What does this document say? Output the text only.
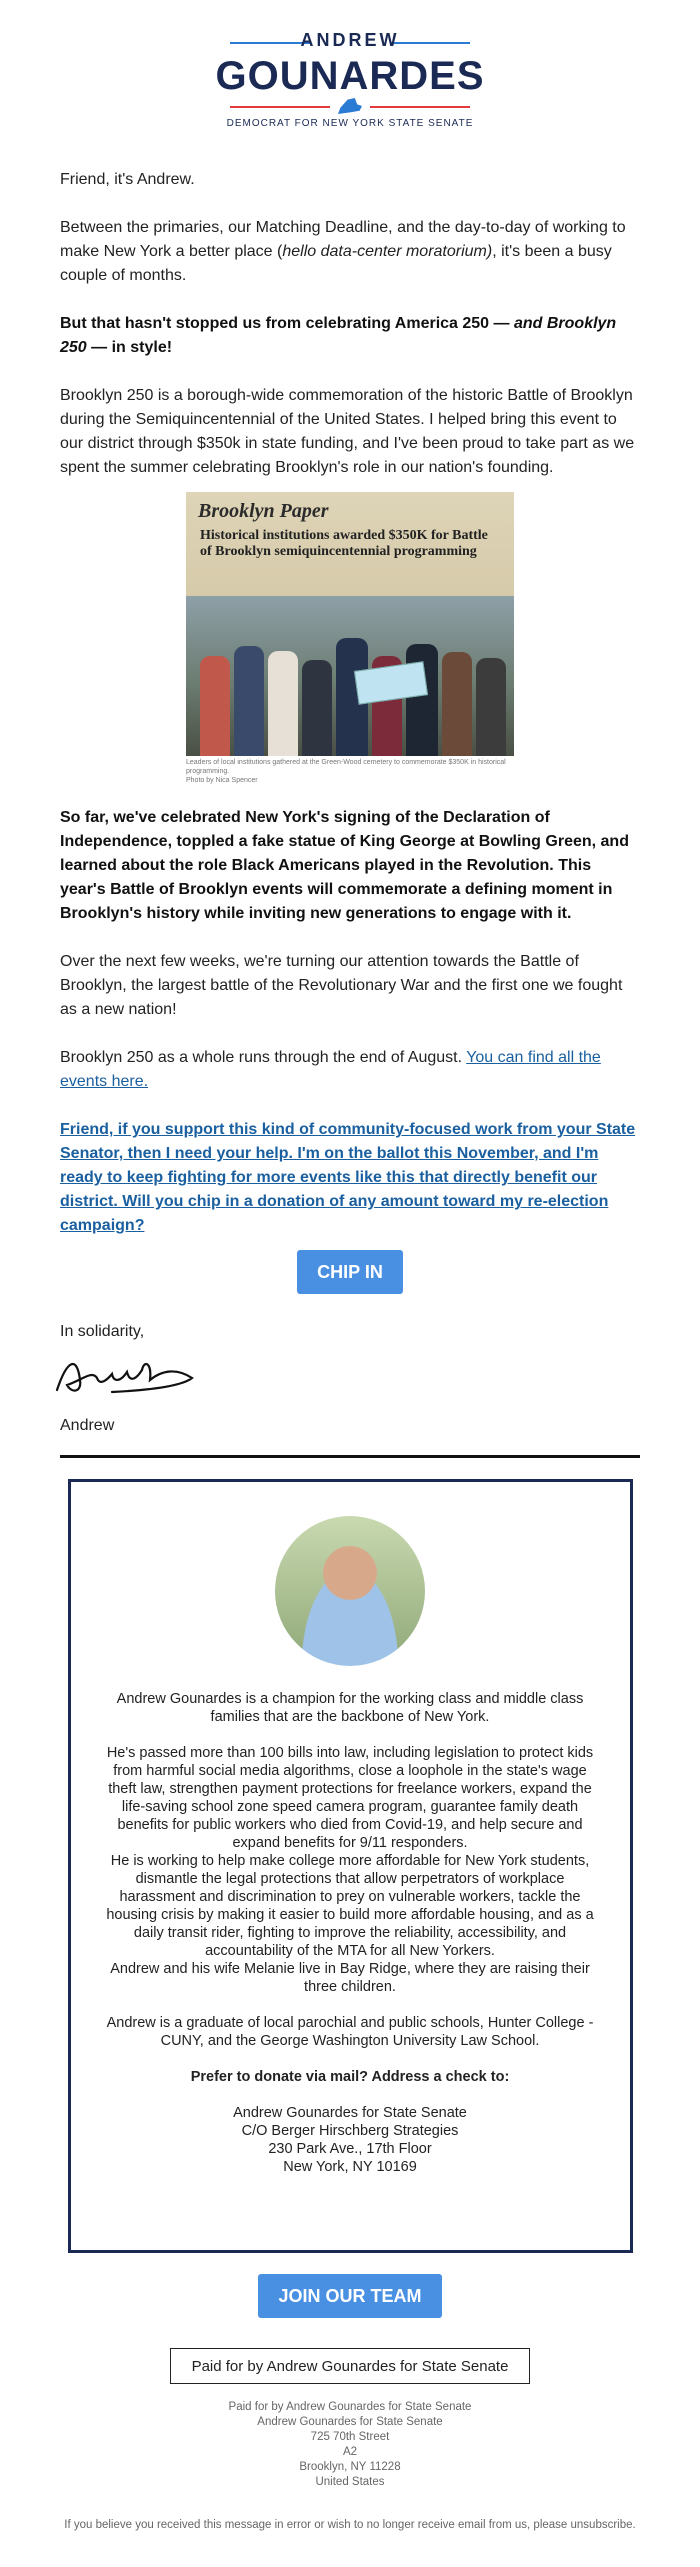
ANDREW
GOUNARDES
DEMOCRAT FOR NEW YORK STATE SENATE
Friend, it's Andrew.
Between the primaries, our Matching Deadline, and the day-to-day of working to make New York a better place (hello data-center moratorium), it's been a busy couple of months.
But that hasn't stopped us from celebrating America 250 — and Brooklyn 250 — in style!
Brooklyn 250 is a borough-wide commemoration of the historic Battle of Brooklyn during the Semiquincentennial of the United States. I helped bring this event to our district through $350k in state funding, and I've been proud to take part as we spent the summer celebrating Brooklyn's role in our nation's founding.
Brooklyn Paper
Historical institutions awarded $350K for Battle of Brooklyn semiquincentennial programming
Leaders of local institutions gathered at the Green-Wood cemetery to commemorate $350K in historical programming.
Photo by Nica Spencer
So far, we've celebrated New York's signing of the Declaration of Independence, toppled a fake statue of King George at Bowling Green, and learned about the role Black Americans played in the Revolution. This year's Battle of Brooklyn events will commemorate a defining moment in Brooklyn's history while inviting new generations to engage with it.
Over the next few weeks, we're turning our attention towards the Battle of Brooklyn, the largest battle of the Revolutionary War and the first one we fought as a new nation!
Brooklyn 250 as a whole runs through the end of August. You can find all the events here.
Friend, if you support this kind of community-focused work from your State Senator, then I need your help. I'm on the ballot this November, and I'm ready to keep fighting for more events like this that directly benefit our district. Will you chip in a donation of any amount toward my re-election campaign?
CHIP IN
In solidarity,
Andrew
Andrew Gounardes is a champion for the working class and middle class families that are the backbone of New York.
He's passed more than 100 bills into law, including legislation to protect kids from harmful social media algorithms, close a loophole in the state's wage theft law, strengthen payment protections for freelance workers, expand the life-saving school zone speed camera program, guarantee family death benefits for public workers who died from Covid-19, and help secure and expand benefits for 9/11 responders.
He is working to help make college more affordable for New York students, dismantle the legal protections that allow perpetrators of workplace harassment and discrimination to prey on vulnerable workers, tackle the housing crisis by making it easier to build more affordable housing, and as a daily transit rider, fighting to improve the reliability, accessibility, and accountability of the MTA for all New Yorkers.
Andrew and his wife Melanie live in Bay Ridge, where they are raising their three children.
Andrew is a graduate of local parochial and public schools, Hunter College - CUNY, and the George Washington University Law School.
Prefer to donate via mail? Address a check to:
Andrew Gounardes for State Senate
C/O Berger Hirschberg Strategies
230 Park Ave., 17th Floor
New York, NY 10169
JOIN OUR TEAM
Paid for by Andrew Gounardes for State Senate
Paid for by Andrew Gounardes for State Senate
Andrew Gounardes for State Senate
725 70th Street
A2
Brooklyn, NY 11228
United States
If you believe you received this message in error or wish to no longer receive email from us, please unsubscribe.
